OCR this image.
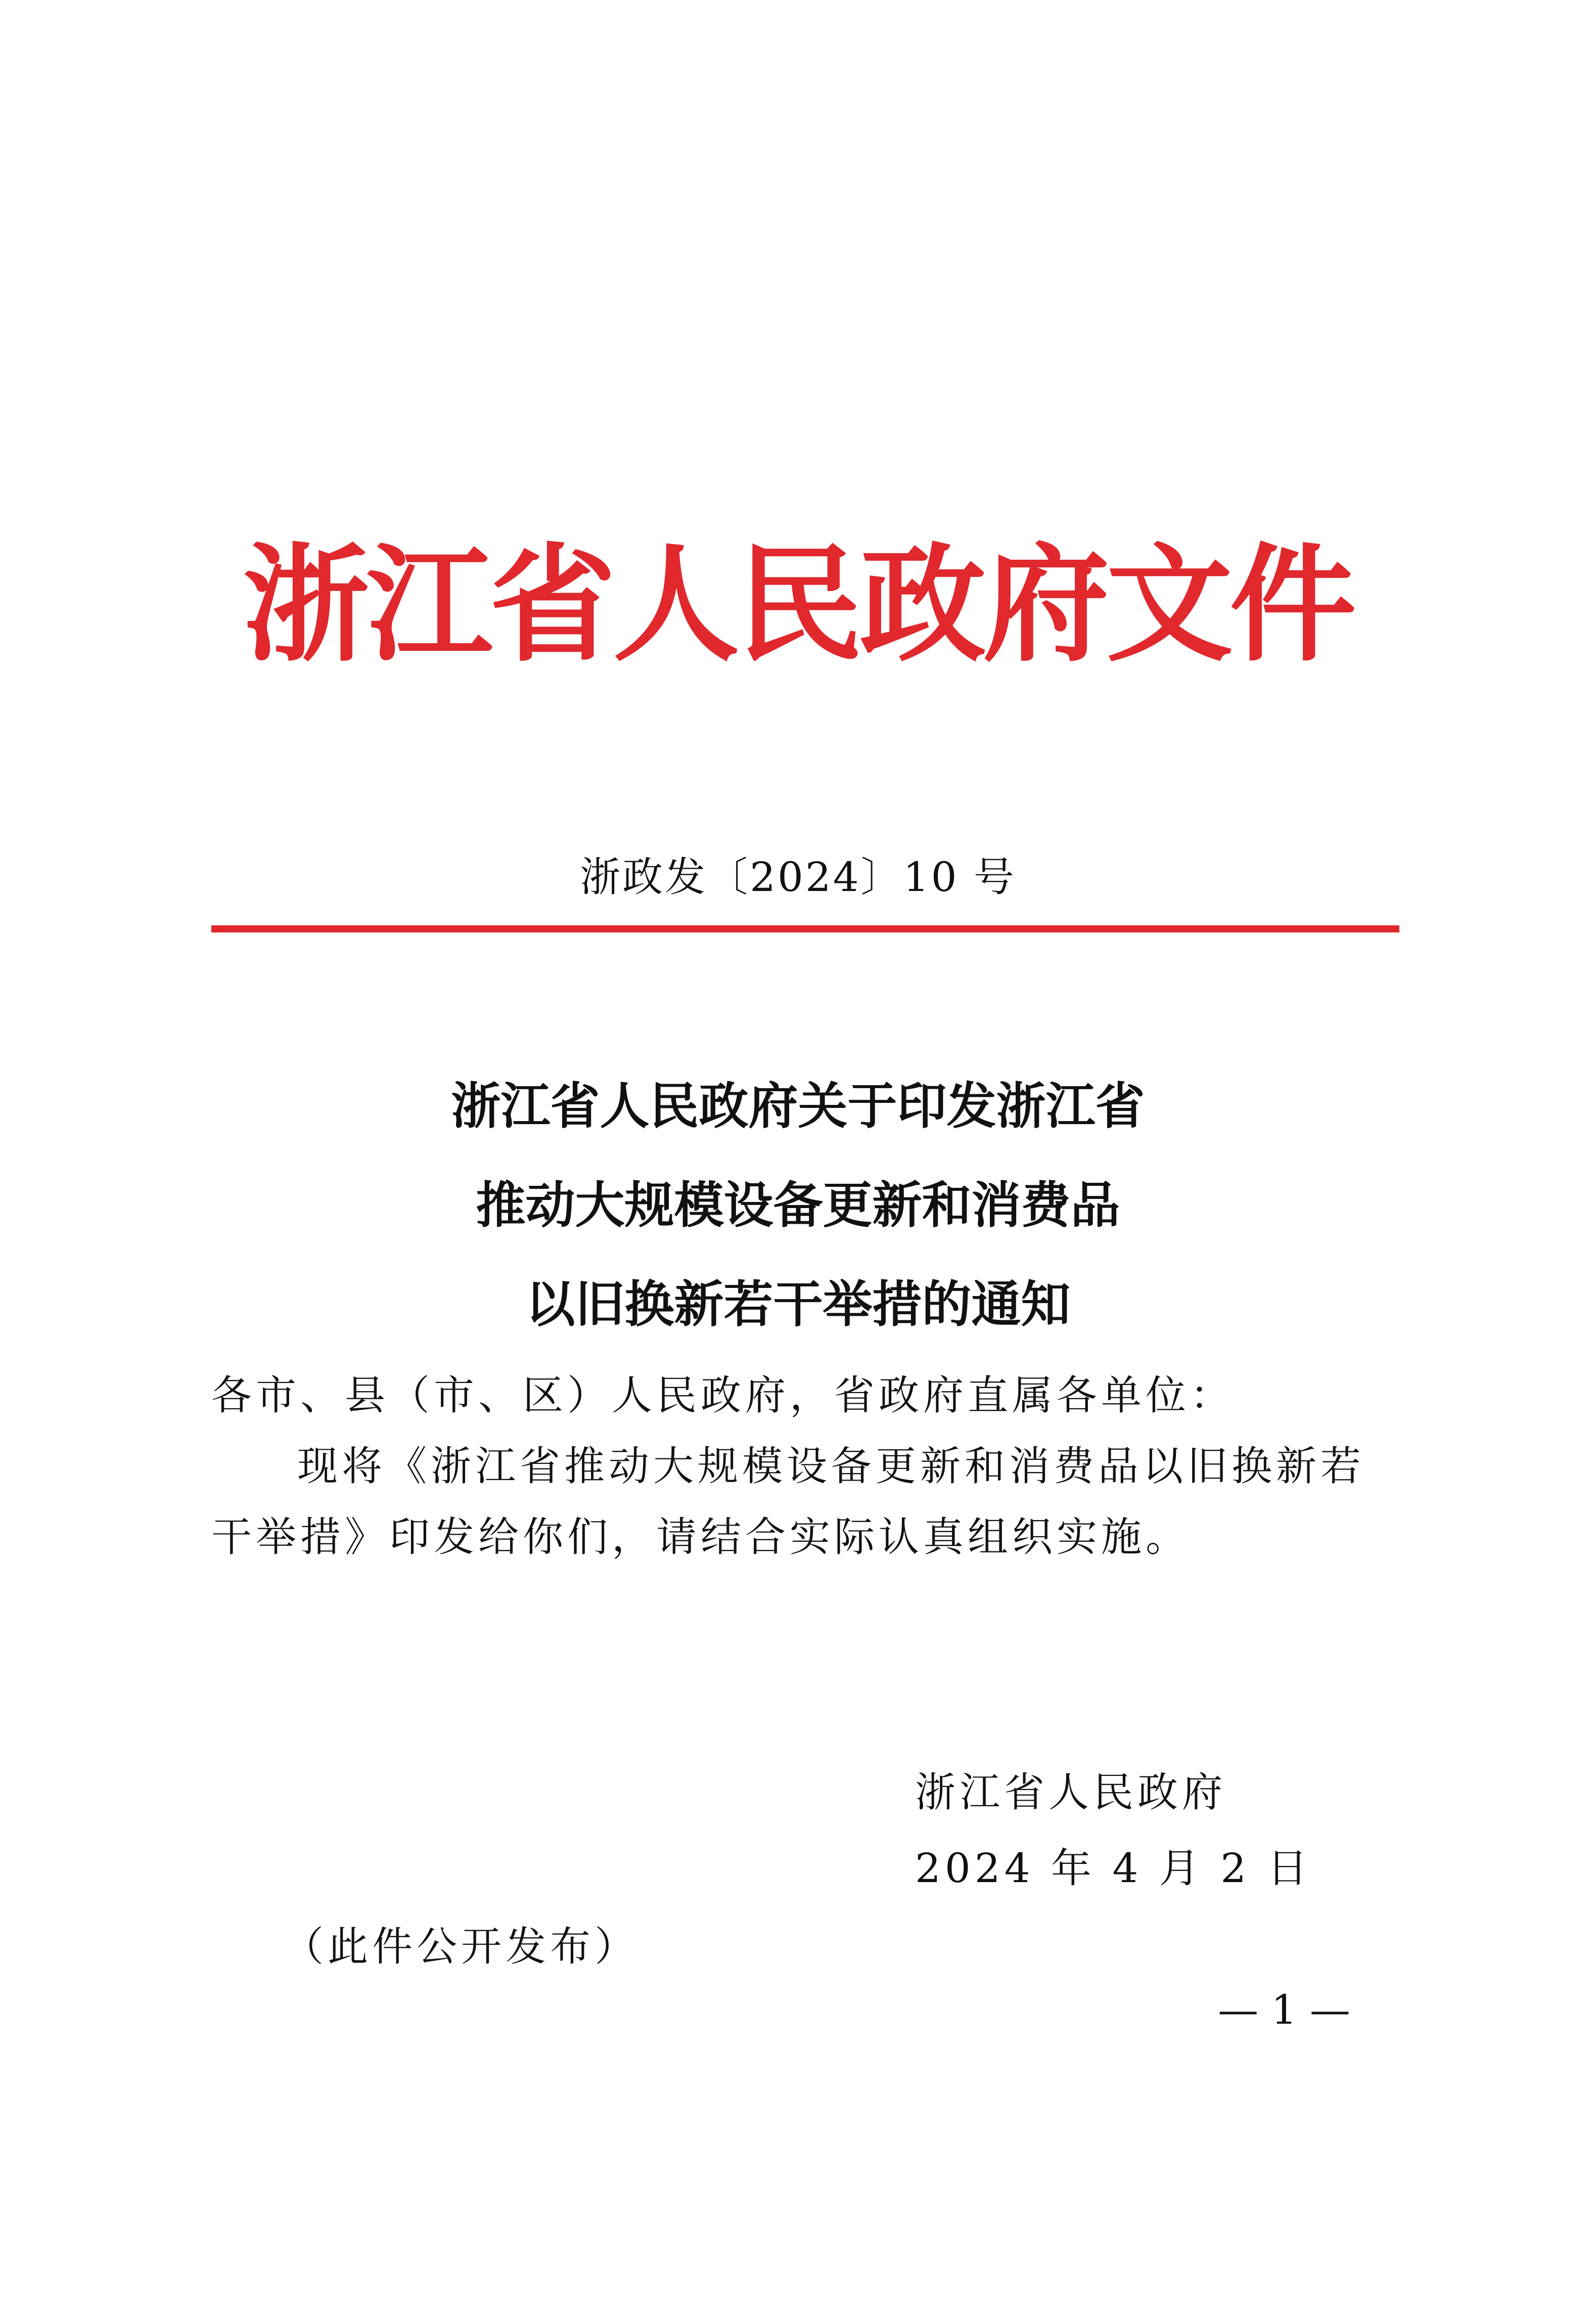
浙江省人民政府文件
浙政发〔2024〕10 号
浙江省人民政府关于印发浙江省
推动大规模设备更新和消费品
以旧换新若干举措的通知

各市、县（市、区）人民政府，省政府直属各单位：

现将《浙江省推动大规模设备更新和消费品以旧换新若干举措》印发给你们，请结合实际认真组织实施。

浙江省人民政府
2024 年 4 月 2 日
（此件公开发布）
— 1 —
